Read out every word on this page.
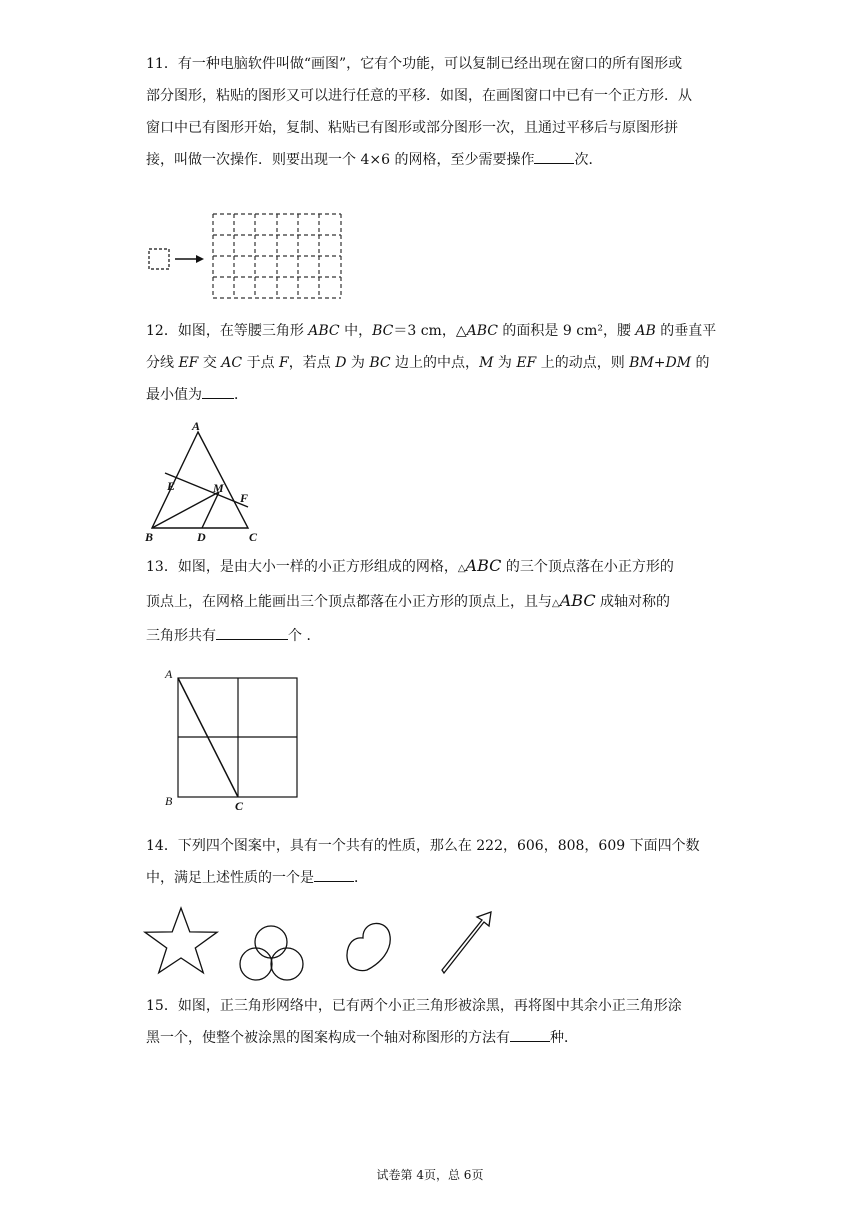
11．有一种电脑软件叫做“画图”，它有个功能，可以复制已经出现在窗口的所有图形或

部分图形，粘贴的图形又可以进行任意的平移．如图，在画图窗口中已有一个正方形．从

窗口中已有图形开始，复制、粘贴已有图形或部分图形一次，且通过平移后与原图形拼

接，叫做一次操作．则要出现一个 4×6 的网格，至少需要操作	次．

12．如图，在等腰三角形 ABC 中，BC＝3 cm，△ABC 的面积是 9 cm²，腰 AB 的垂直平

分线 EF 交 AC 于点 F，若点 D 为 BC 边上的中点，M 为 EF 上的动点，则 BM+DM 的

最小值为 ．

A
E	M
F
B	D	C

13．如图，是由大小一样的小正方形组成的网格，△ABC 的三个顶点落在小正方形的

顶点上，在网格上能画出三个顶点都落在小正方形的顶点上，且与△ABC 成轴对称的

三角形共有	个 ．

A
B	C

14．下列四个图案中，具有一个共有的性质，那么在 222，606，808，609 下面四个数

中，满足上述性质的一个是	．

15．如图，正三角形网络中，已有两个小正三角形被涂黑，再将图中其余小正三角形涂

黑一个，使整个被涂黑的图案构成一个轴对称图形的方法有	种．

试卷第 4页，总 6页
